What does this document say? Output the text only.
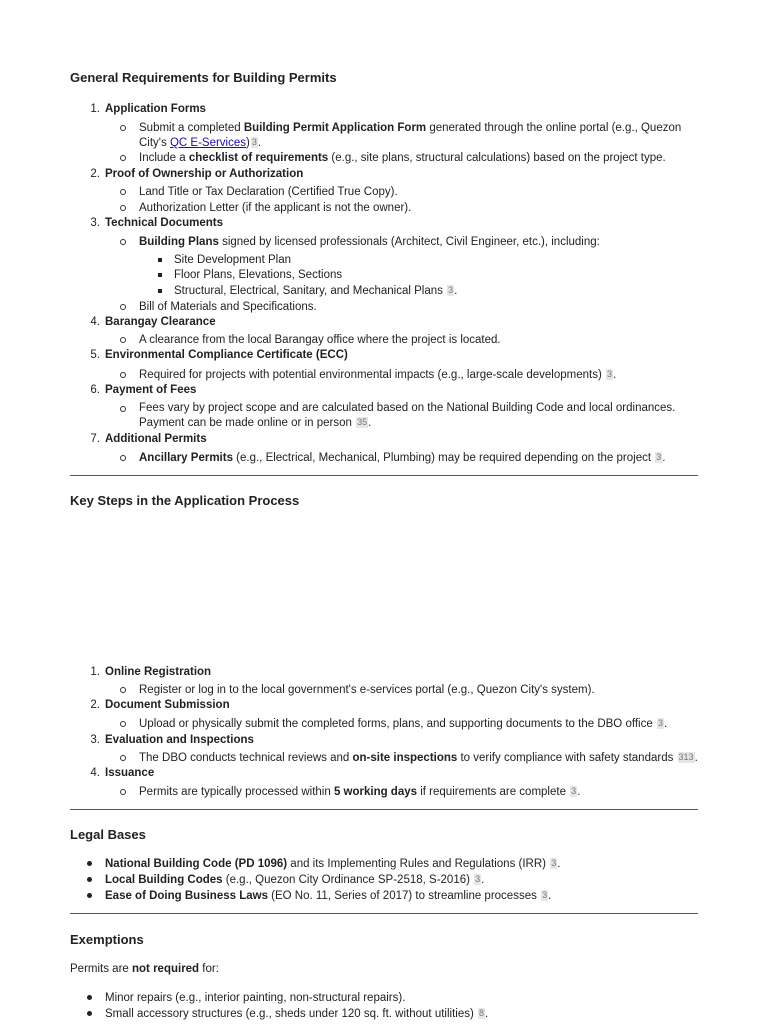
General Requirements for Building Permits
1. Application Forms
Submit a completed Building Permit Application Form generated through the online portal (e.g., Quezon
City's QC E-Services) 3.
Include a checklist of requirements (e.g., site plans, structural calculations) based on the project type.
2. Proof of Ownership or Authorization
Land Title or Tax Declaration (Certified True Copy).
Authorization Letter (if the applicant is not the owner).
3. Technical Documents
Building Plans signed by licensed professionals (Architect, Civil Engineer, etc.), including:
Site Development Plan
Floor Plans, Elevations, Sections
Structural, Electrical, Sanitary, and Mechanical Plans 3.
Bill of Materials and Specifications.
4. Barangay Clearance
A clearance from the local Barangay office where the project is located.
5. Environmental Compliance Certificate (ECC)
Required for projects with potential environmental impacts (e.g., large-scale developments) 3.
6. Payment of Fees
Fees vary by project scope and are calculated based on the National Building Code and local ordinances.
Payment can be made online or in person 35.
7. Additional Permits
Ancillary Permits (e.g., Electrical, Mechanical, Plumbing) may be required depending on the project 3.
Key Steps in the Application Process
1. Online Registration
Register or log in to the local government's e-services portal (e.g., Quezon City's system).
2. Document Submission
Upload or physically submit the completed forms, plans, and supporting documents to the DBO office 3.
3. Evaluation and Inspections
The DBO conducts technical reviews and on-site inspections to verify compliance with safety standards 313.
4. Issuance
Permits are typically processed within 5 working days if requirements are complete 3.
Legal Bases
National Building Code (PD 1096) and its Implementing Rules and Regulations (IRR) 3.
Local Building Codes (e.g., Quezon City Ordinance SP-2518, S-2016) 3.
Ease of Doing Business Laws (EO No. 11, Series of 2017) to streamline processes 3.
Exemptions
Permits are not required for:
Minor repairs (e.g., interior painting, non-structural repairs).
Small accessory structures (e.g., sheds under 120 sq. ft. without utilities) 8.
